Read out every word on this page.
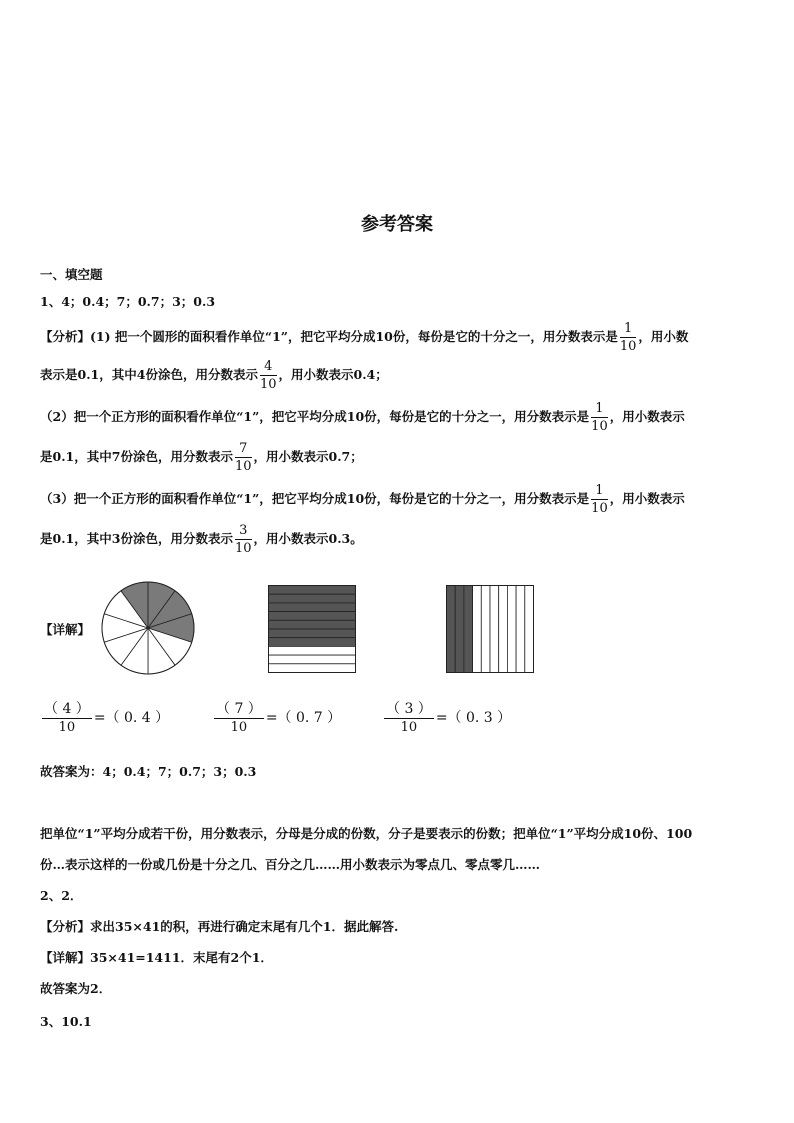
参考答案
一、填空题
1、4；0.4；7；0.7；3；0.3
【分析】(1) 把一个圆形的面积看作单位“1”，把它平均分成10份，每份是它的十分之一，用分数表示是 $\frac{1}{10}$ ，用小数
表示是0.1，其中4份涂色，用分数表示 $\frac{4}{10}$ ，用小数表示0.4；
（2）把一个正方形的面积看作单位“1”，把它平均分成10份，每份是它的十分之一，用分数表示是 $\frac{1}{10}$ ，用小数表示
是0.1，其中7份涂色，用分数表示 $\frac{7}{10}$ ，用小数表示0.7；
（3）把一个正方形的面积看作单位“1”，把它平均分成10份，每份是它的十分之一，用分数表示是 $\frac{1}{10}$ ，用小数表示
是0.1，其中3份涂色，用分数表示 $\frac{3}{10}$ ，用小数表示0.3。
【详解】
$\frac{( 4 )}{10}$ =（ 0. 4 ）	$\frac{( 7 )}{10}$ =（ 0. 7 ）	$\frac{( 3 )}{10}$ =（ 0. 3 ）
故答案为：4；0.4；7；0.7；3；0.3
把单位“1”平均分成若干份，用分数表示，分母是分成的份数，分子是要表示的份数；把单位“1”平均分成10份、100
份…表示这样的一份或几份是十分之几、百分之几……用小数表示为零点几、零点零几……
2、2．
【分析】求出35×41的积，再进行确定末尾有几个1．据此解答.
【详解】35×41=1411．末尾有2个1．
故答案为2．
3、10.1
